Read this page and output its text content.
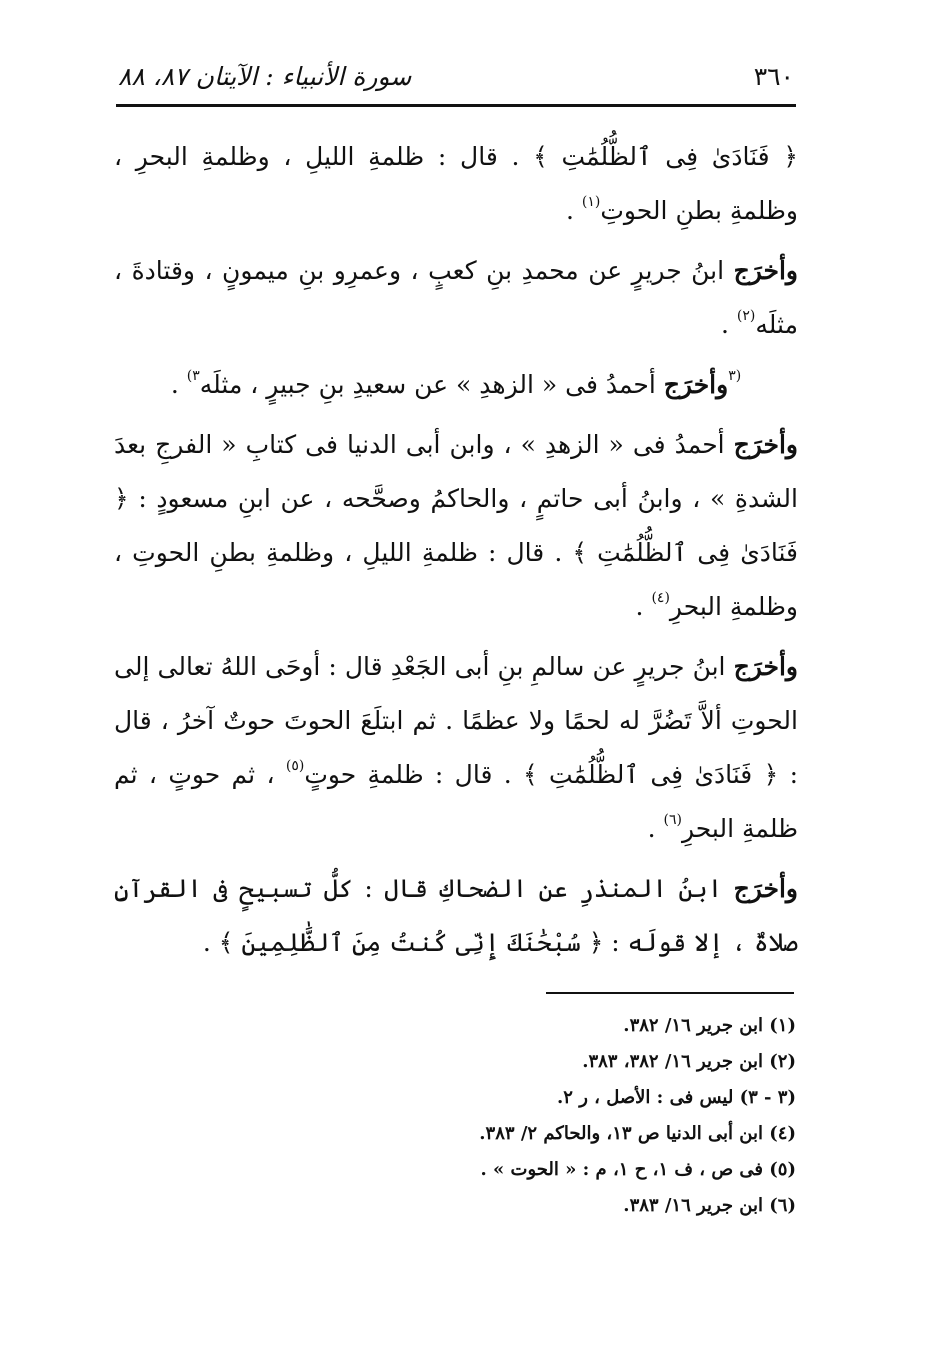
٣٦٠
سورة الأنبياء : الآيتان ٨٧، ٨٨

﴿ فَنَادَىٰ فِى ٱلظُّلُمَٰتِ ﴾ . قال : ظلمةِ الليلِ ، وظلمةِ البحرِ ، وظلمةِ بطنِ الحوتِ$^{(١)}$ .

وأخرَج ابنُ جريرٍ عن محمدِ بنِ كعبٍ ، وعمرِو بنِ ميمونٍ ، وقتادةَ ، مثلَه$^{(٢)}$ .

$^{(٣}$وأخرَج أحمدُ فى « الزهدِ » عن سعيدِ بنِ جبيرٍ ، مثلَه$^{٣)}$ .

وأخرَج أحمدُ فى « الزهدِ » ، وابن أبى الدنيا فى كتابِ « الفرجِ بعدَ الشدةِ » ، وابنُ أبى حاتمٍ ، والحاكمُ وصحَّحه ، عن ابنِ مسعودٍ : ﴿ فَنَادَىٰ فِى ٱلظُّلُمَٰتِ ﴾ . قال : ظلمةِ الليلِ ، وظلمةِ بطنِ الحوتِ ، وظلمةِ البحرِ$^{(٤)}$ .

وأخرَج ابنُ جريرٍ عن سالمِ بنِ أبى الجَعْدِ قال : أوحَى اللهُ تعالى إلى الحوتِ ألاَّ تَضُرَّ له لحمًا ولا عظمًا . ثم ابتلَعَ الحوتَ حوتٌ آخرُ ، قال : ﴿ فَنَادَىٰ فِى ٱلظُّلُمَٰتِ ﴾ . قال : ظلمةِ حوتٍ$^{(٥)}$ ، ثم حوتٍ ، ثم ظلمةِ البحرِ$^{(٦)}$ .

وأخرَج ابنُ المنذرِ عن الضحاكِ قال : كلُّ تسبيحٍ فى القرآنِ صلاةٌ ، إلا قولَه : ﴿ سُبْحَٰنَكَ إِنِّى كُنتُ مِنَ ٱلظَّٰلِمِينَ ﴾ .

(١) ابن جرير ١٦/ ٣٨٢.
(٢) ابن جرير ١٦/ ٣٨٢، ٣٨٣.
(٣ - ٣) ليس فى : الأصل ، ر ٢.
(٤) ابن أبى الدنيا ص ١٣، والحاكم ٢/ ٣٨٣.
(٥) فى ص ، ف ١، ح ١، م : « الحوت » .
(٦) ابن جرير ١٦/ ٣٨٣.
